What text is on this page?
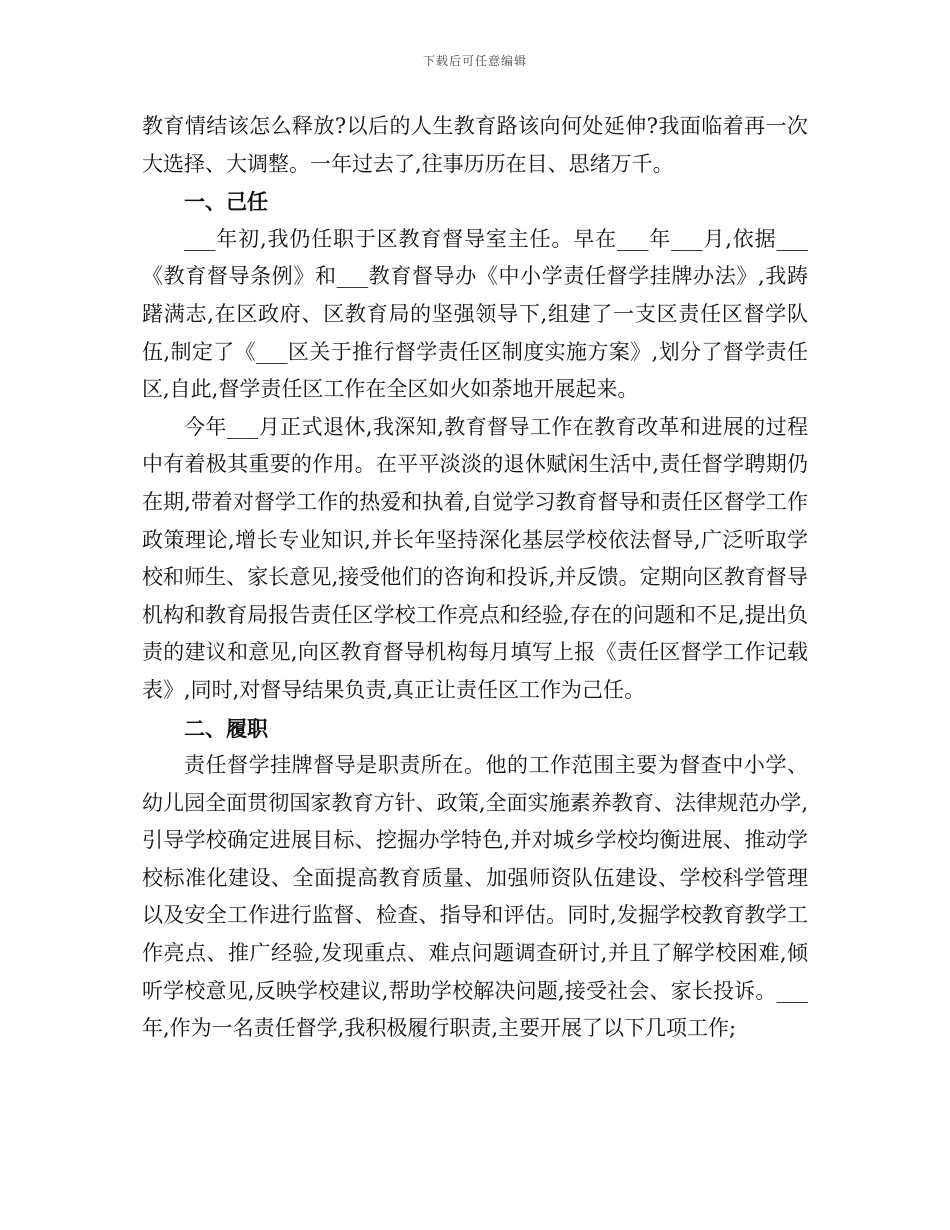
下载后可任意编辑

教育情结该怎么释放?以后的人生教育路该向何处延伸?我面临着再一次大选择、大调整。一年过去了,往事历历在目、思绪万千。

一、己任

___年初,我仍任职于区教育督导室主任。早在___年___月,依据___《教育督导条例》和___教育督导办《中小学责任督学挂牌办法》,我踌躇满志,在区政府、区教育局的坚强领导下,组建了一支区责任区督学队伍,制定了《___区关于推行督学责任区制度实施方案》,划分了督学责任区,自此,督学责任区工作在全区如火如荼地开展起来。

今年___月正式退休,我深知,教育督导工作在教育改革和进展的过程中有着极其重要的作用。在平平淡淡的退休赋闲生活中,责任督学聘期仍在期,带着对督学工作的热爱和执着,自觉学习教育督导和责任区督学工作政策理论,增长专业知识,并长年坚持深化基层学校依法督导,广泛听取学校和师生、家长意见,接受他们的咨询和投诉,并反馈。定期向区教育督导机构和教育局报告责任区学校工作亮点和经验,存在的问题和不足,提出负责的建议和意见,向区教育督导机构每月填写上报《责任区督学工作记载表》,同时,对督导结果负责,真正让责任区工作为己任。

二、履职

责任督学挂牌督导是职责所在。他的工作范围主要为督查中小学、幼儿园全面贯彻国家教育方针、政策,全面实施素养教育、法律规范办学,引导学校确定进展目标、挖掘办学特色,并对城乡学校均衡进展、推动学校标准化建设、全面提高教育质量、加强师资队伍建设、学校科学管理以及安全工作进行监督、检查、指导和评估。同时,发掘学校教育教学工作亮点、推广经验,发现重点、难点问题调查研讨,并且了解学校困难,倾听学校意见,反映学校建议,帮助学校解决问题,接受社会、家长投诉。___年,作为一名责任督学,我积极履行职责,主要开展了以下几项工作;
